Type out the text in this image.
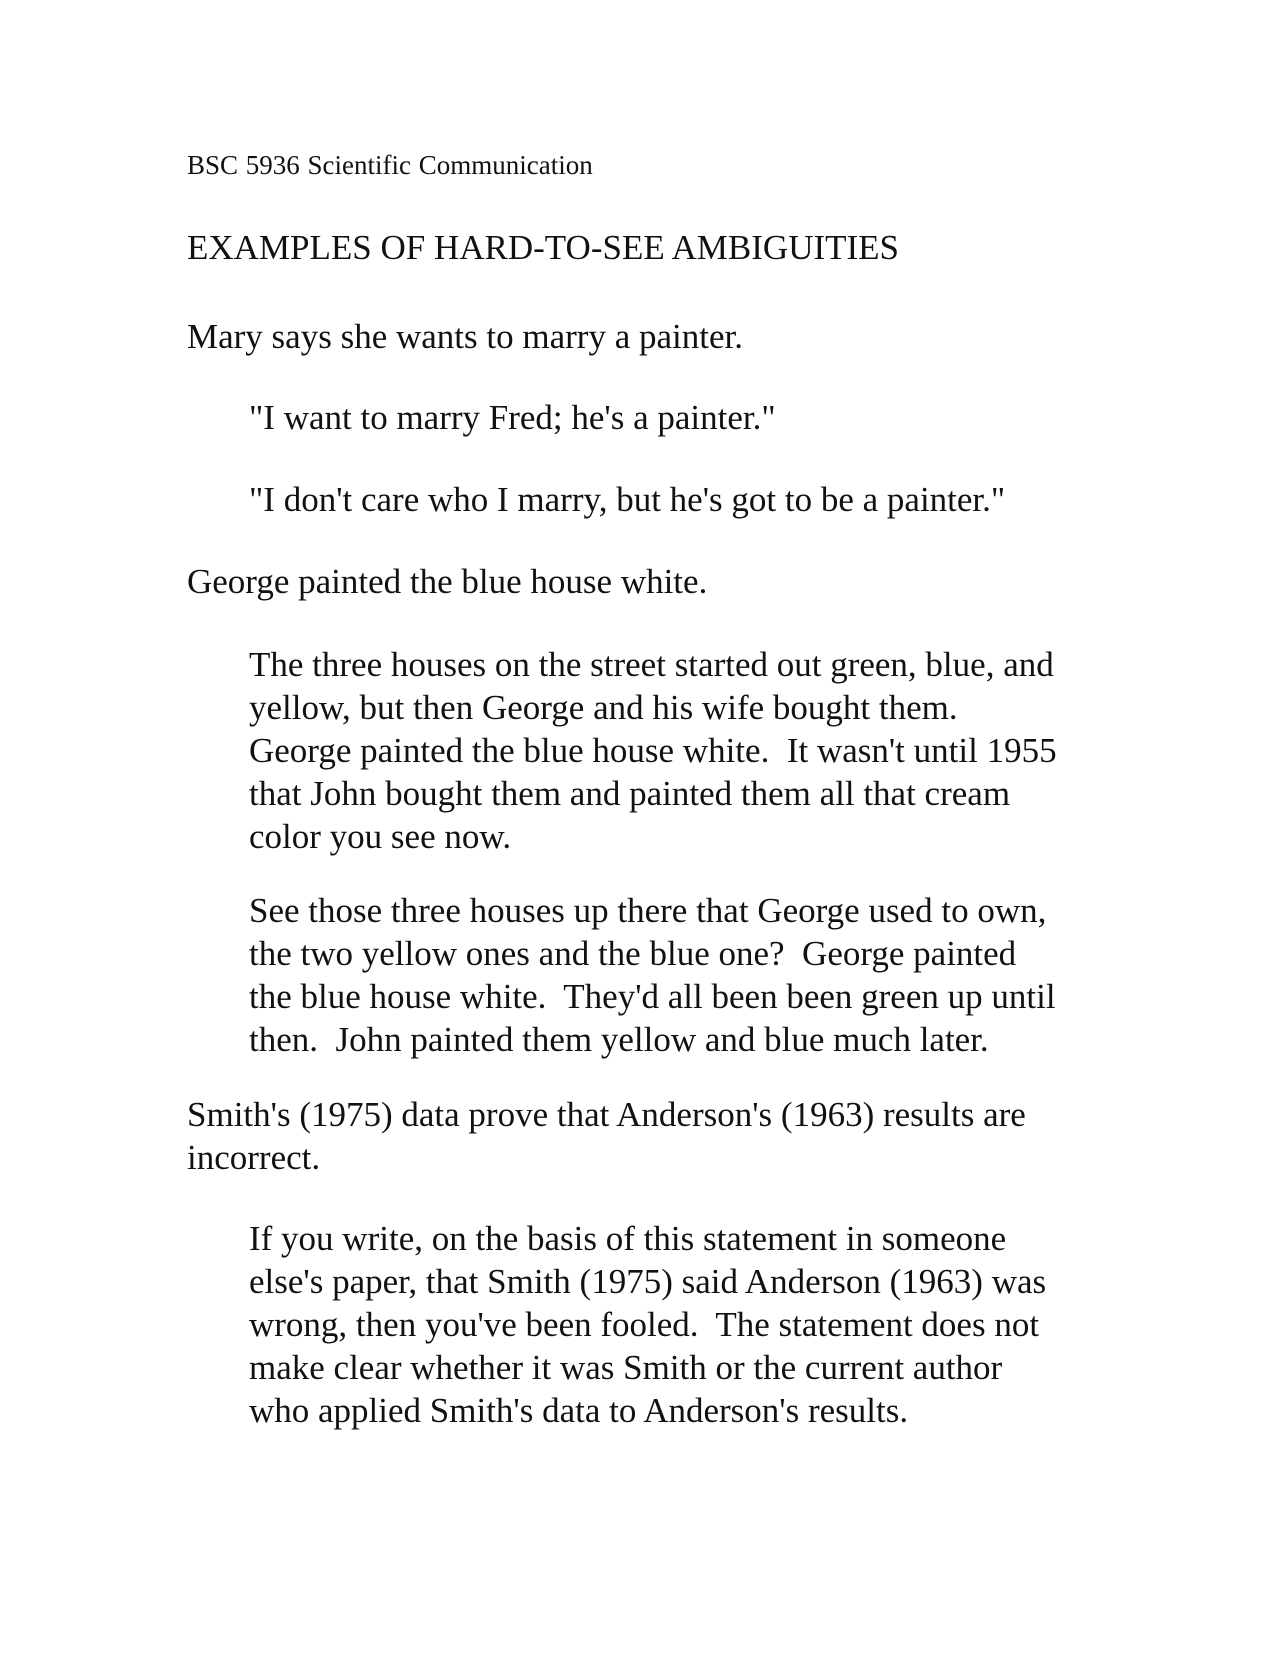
BSC 5936 Scientific Communication

EXAMPLES OF HARD-TO-SEE AMBIGUITIES

Mary says she wants to marry a painter.

"I want to marry Fred; he's a painter."

"I don't care who I marry, but he's got to be a painter."

George painted the blue house white.

The three houses on the street started out green, blue, and
yellow, but then George and his wife bought them.
George painted the blue house white.  It wasn't until 1955
that John bought them and painted them all that cream
color you see now.

See those three houses up there that George used to own,
the two yellow ones and the blue one?  George painted
the blue house white.  They'd all been been green up until
then.  John painted them yellow and blue much later.

Smith's (1975) data prove that Anderson's (1963) results are incorrect.

If you write, on the basis of this statement in someone
else's paper, that Smith (1975) said Anderson (1963) was
wrong, then you've been fooled.  The statement does not
make clear whether it was Smith or the current author
who applied Smith's data to Anderson's results.
